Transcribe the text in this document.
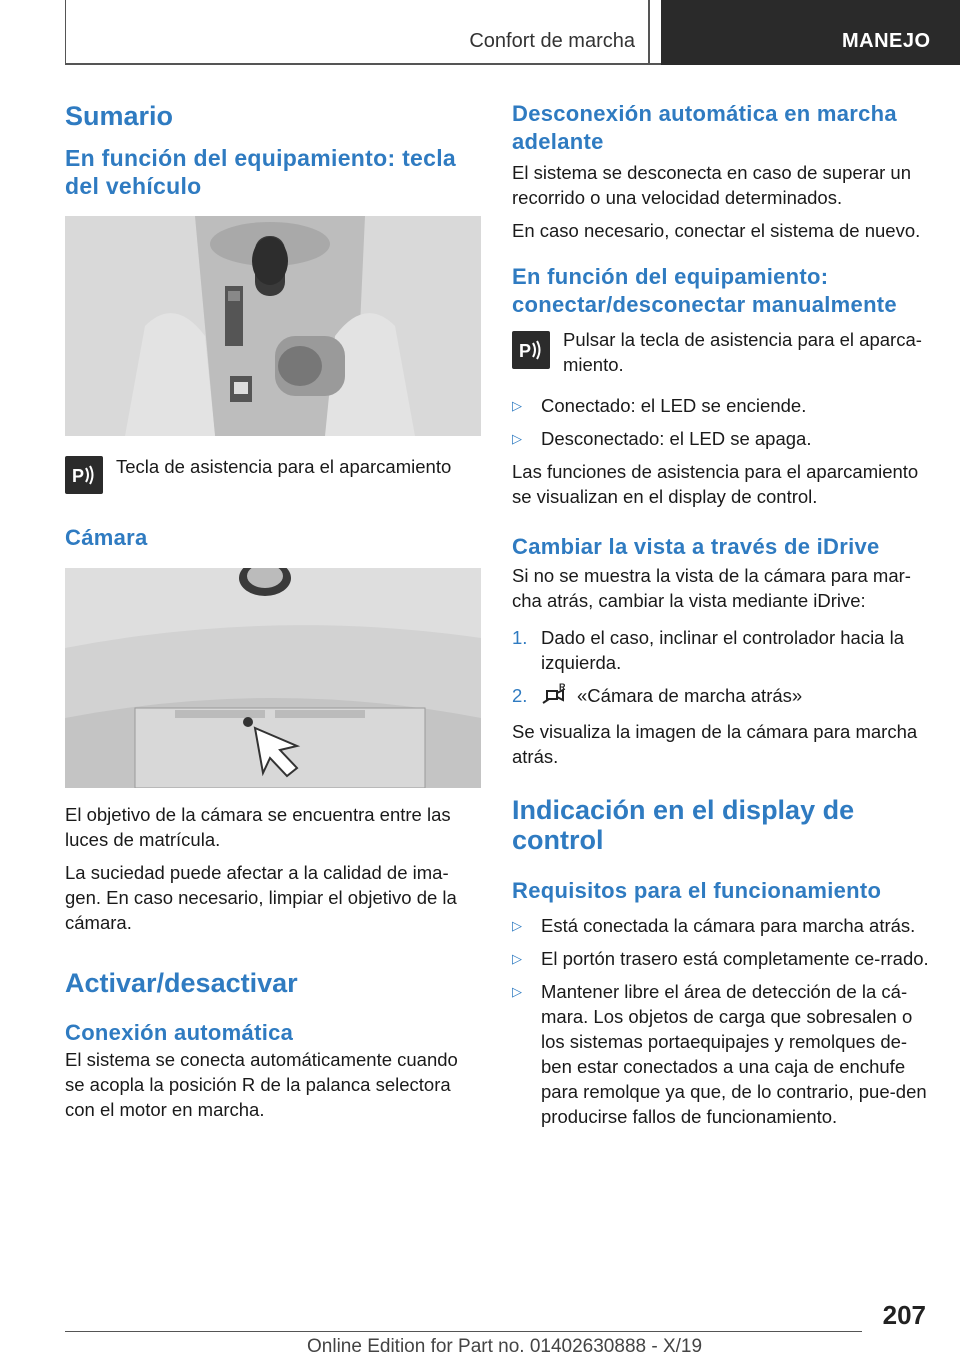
Confort de marcha	MANEJO
Sumario
En función del equipamiento: tecla del vehículo
P Tecla de asistencia para el aparcamiento

Cámara

El objetivo de la cámara se encuentra entre las luces de matrícula.

La suciedad puede afectar a la calidad de ima-gen. En caso necesario, limpiar el objetivo de la cámara.

Activar/desactivar
Conexión automática

El sistema se conecta automáticamente cuando se acopla la posición R de la palanca selectora con el motor en marcha.

Desconexión automática en marcha adelante

El sistema se desconecta en caso de superar un recorrido o una velocidad determinados.

En caso necesario, conectar el sistema de nuevo.

En función del equipamiento: conectar/desconectar manualmente
P

Pulsar la tecla de asistencia para el aparca-miento.

▷ Conectado: el LED se enciende.
▷ Desconectado: el LED se apaga.

Las funciones de asistencia para el aparcamiento se visualizan en el display de control.

Cambiar la vista a través de iDrive

Si no se muestra la vista de la cámara para mar-cha atrás, cambiar la vista mediante iDrive:

1. Dado el caso, inclinar el controlador hacia la izquierda.
2.	R «Cámara de marcha atrás»

Se visualiza la imagen de la cámara para marcha atrás.

Indicación en el display de control
Requisitos para el funcionamiento
▷ Está conectada la cámara para marcha atrás.
▷ El portón trasero está completamente ce-rrado.
▷ Mantener libre el área de detección de la cá-mara. Los objetos de carga que sobresalen o los sistemas portaequipajes y remolques de-ben estar conectados a una caja de enchufe para remolque ya que, de lo contrario, pue-den producirse fallos de funcionamiento.
207
Online Edition for Part no. 01402630888 - X/19
